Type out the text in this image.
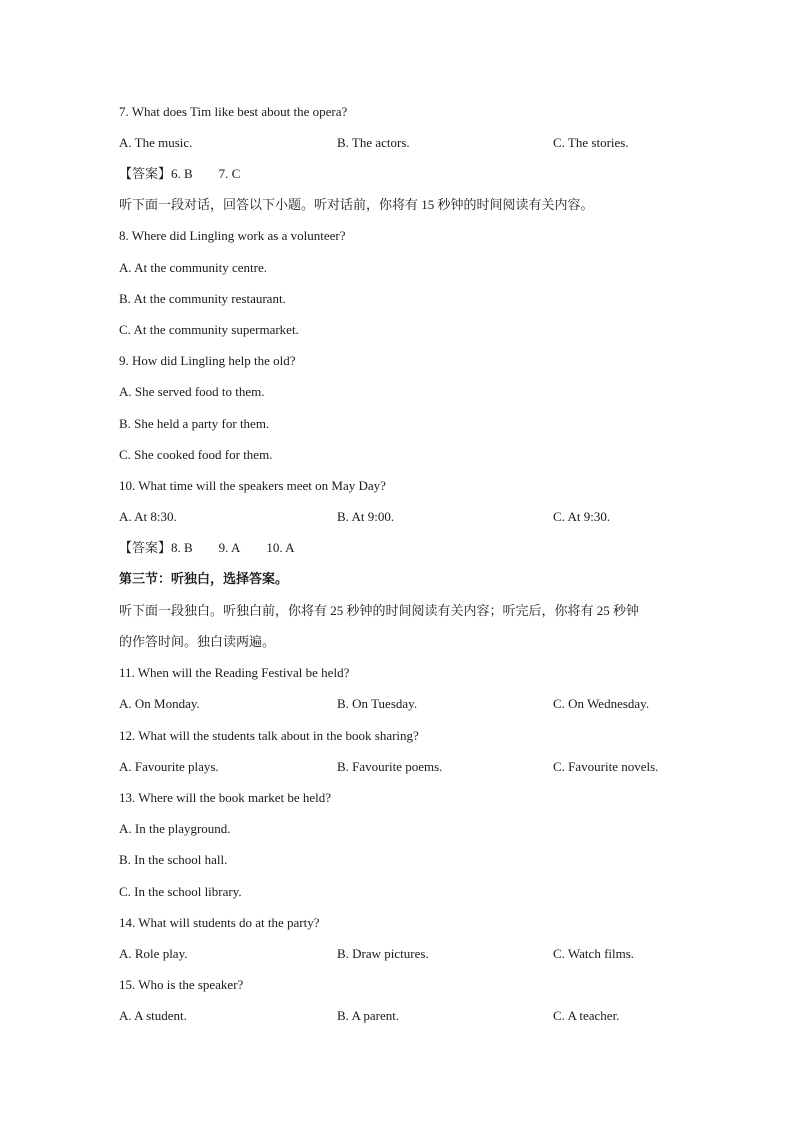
7. What does Tim like best about the opera?
A. The music.	B. The actors.	C. The stories.
【答案】6. B 7. C
听下面一段对话，回答以下小题。听对话前，你将有 15 秒钟的时间阅读有关内容。
8. Where did Lingling work as a volunteer?
A. At the community centre.
B. At the community restaurant.
C. At the community supermarket.
9. How did Lingling help the old?
A. She served food to them.
B. She held a party for them.
C. She cooked food for them.
10. What time will the speakers meet on May Day?
A. At 8:30.	B. At 9:00.	C. At 9:30.
【答案】8. B 9. A 10. A
第三节：听独白，选择答案。
听下面一段独白。听独白前，你将有 25 秒钟的时间阅读有关内容；听完后，你将有 25 秒钟
的作答时间。独白读两遍。
11. When will the Reading Festival be held?
A. On Monday.	B. On Tuesday.	C. On Wednesday.
12. What will the students talk about in the book sharing?
A. Favourite plays.	B. Favourite poems.	C. Favourite novels.
13. Where will the book market be held?
A. In the playground.
B. In the school hall.
C. In the school library.
14. What will students do at the party?
A. Role play.	B. Draw pictures.	C. Watch films.
15. Who is the speaker?
A. A student.	B. A parent.	C. A teacher.
